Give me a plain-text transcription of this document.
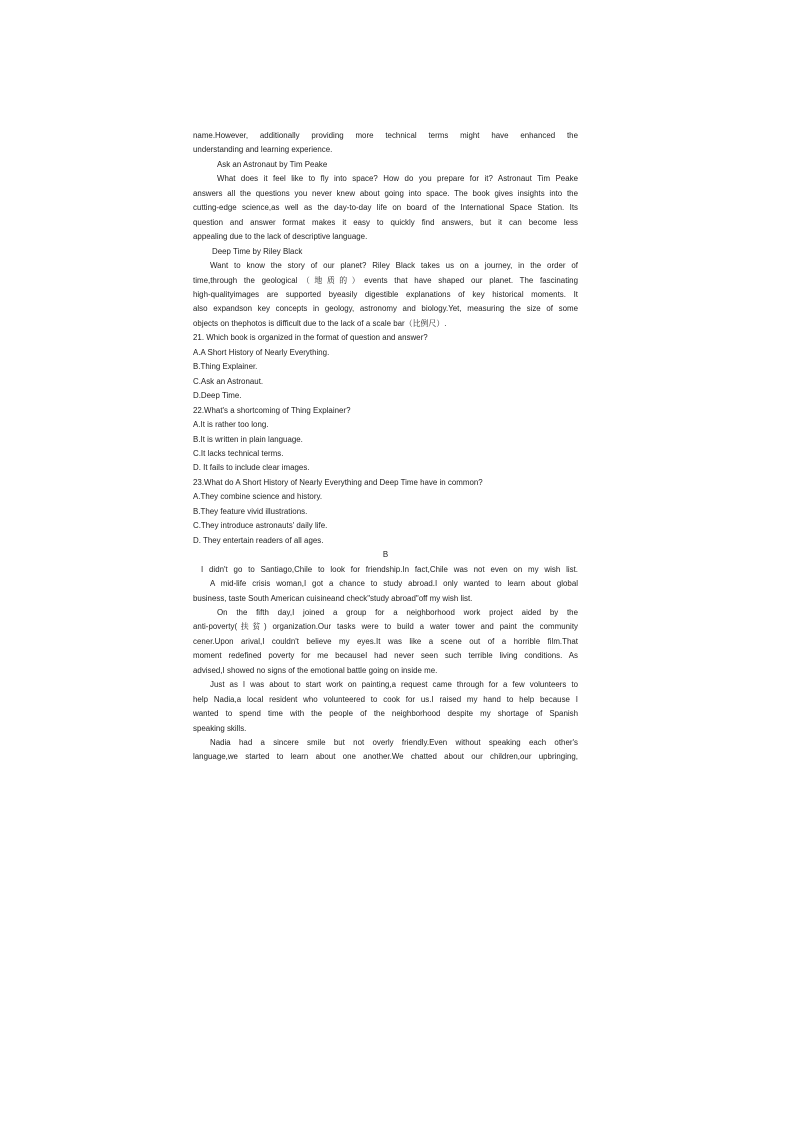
name.However, additionally providing more technical terms might have enhanced the

understanding and learning experience.

Ask an Astronaut by Tim Peake

What does it feel like to fly into space? How do you prepare for it? Astronaut Tim Peake

answers all the questions you never knew about going into space. The book gives insights into the

cutting-edge science,as well as the day-to-day life on board of the International Space Station. Its

question and answer format makes it easy to quickly find answers, but it can become less

appealing due to the lack of descriptive language.

Deep Time by Riley Black

Want to know the story of our planet? Riley Black takes us on a journey, in the order of

time,through the geological（地质的）events that have shaped our planet. The fascinating

high-qualityimages are supported byeasily digestible explanations of key historical moments. It

also expandson key concepts in geology, astronomy and biology.Yet, measuring the size of some

objects on thephotos is difficult due to the lack of a scale bar（比例尺）.

21. Which book is organized in the format of question and answer?

A.A Short History of Nearly Everything.

B.Thing Explainer.

C.Ask an Astronaut.

D.Deep Time.

22.What's a shortcoming of Thing Explainer?

A.It is rather too long.

B.It is written in plain language.

C.It lacks technical terms.

D. It fails to include clear images.

23.What do A Short History of Nearly Everything and Deep Time have in common?

A.They combine science and history.

B.They feature vivid illustrations.

C.They introduce astronauts' daily life.

D. They entertain readers of all ages.

B

I didn't go to Santiago,Chile to look for friendship.In fact,Chile was not even on my wish list.

A mid-life crisis woman,I got a chance to study abroad.I only wanted to learn about global

business, taste South American cuisineand check"study abroad"off my wish list.

On the fifth day,I joined a group for a neighborhood work project aided by the

anti-poverty(扶贫) organization.Our tasks were to build a water tower and paint the community

cener.Upon arival,I couldn't believe my eyes.It was like a scene out of a horrible film.That

moment redefined poverty for me becauseI had never seen such terrible living conditions. As

advised,I showed no signs of the emotional battle going on inside me.

Just as I was about to start work on painting,a request came through for a few volunteers to

help Nadia,a local resident who volunteered to cook for us.I raised my hand to help because I

wanted to spend time with the people of the neighborhood despite my shortage of Spanish

speaking skills.

Nadia had a sincere smile but not overly friendly.Even without speaking each other's

language,we started to learn about one another.We chatted about our children,our upbringing,
